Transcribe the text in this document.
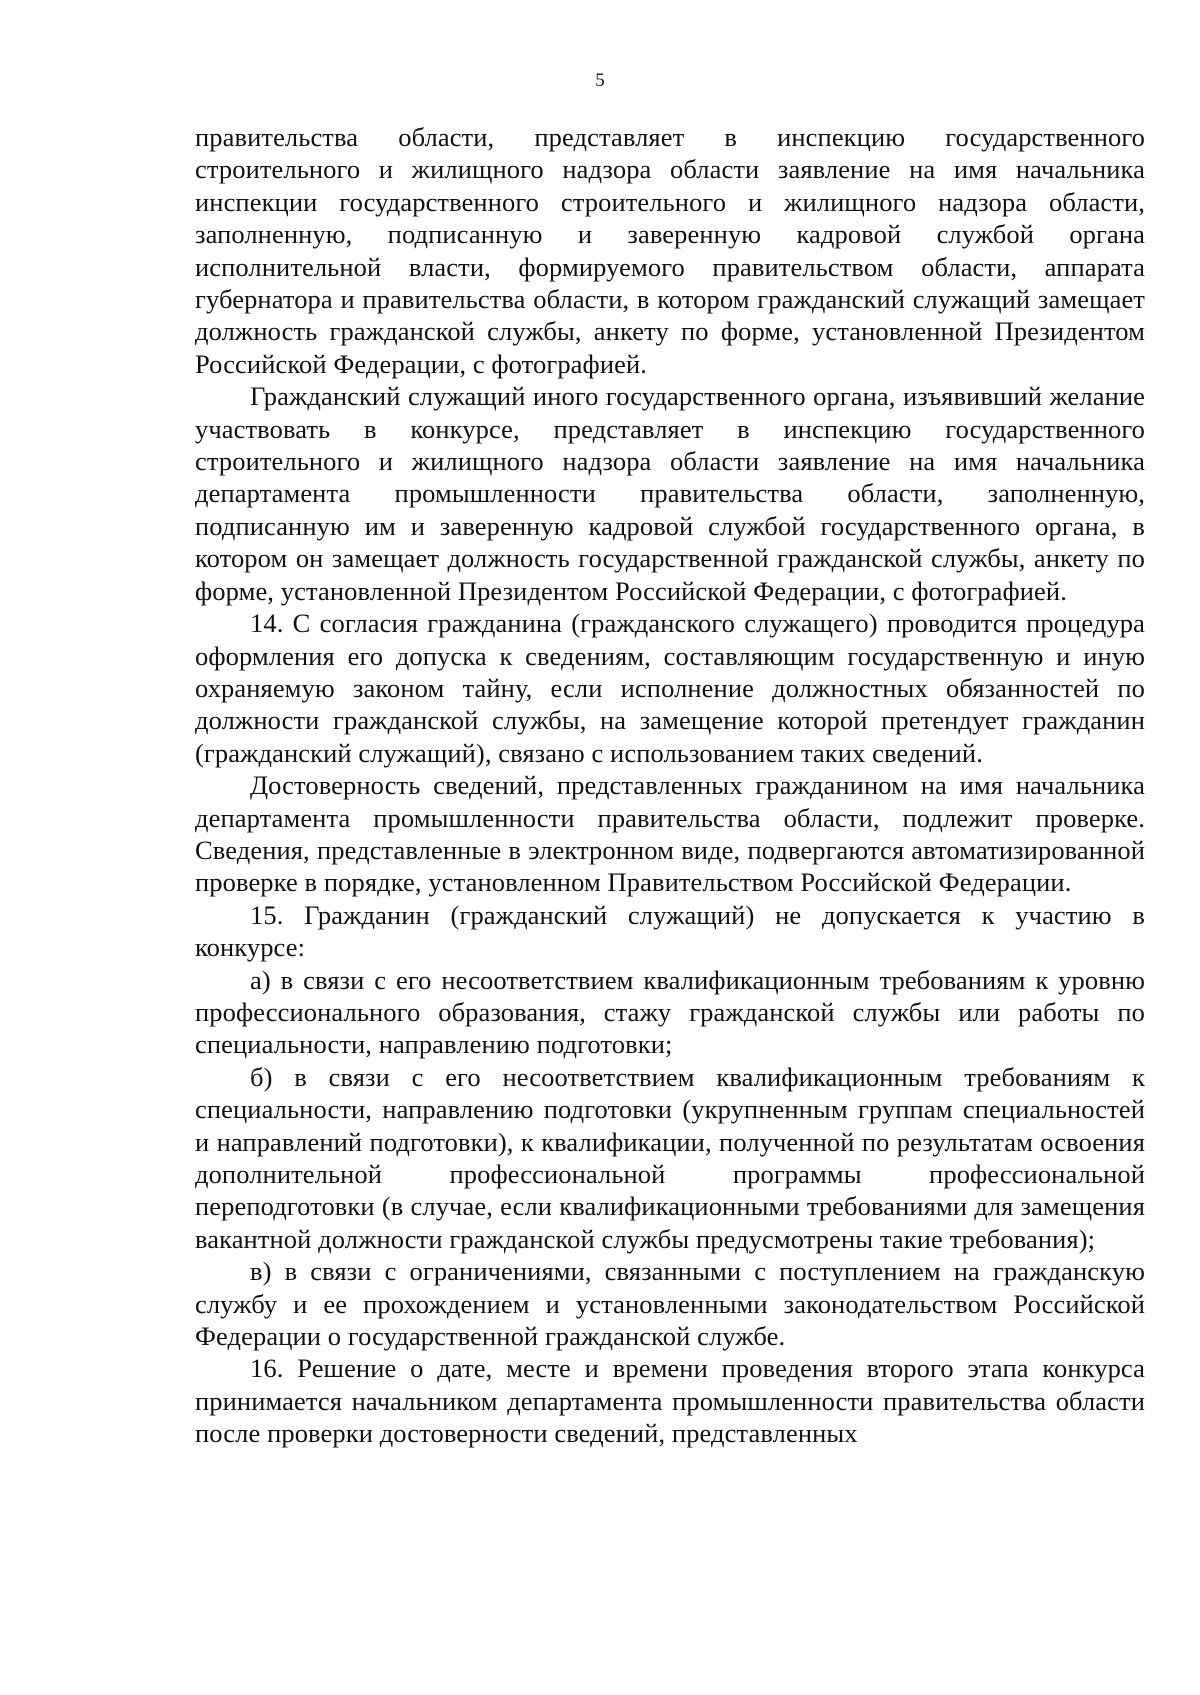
5

правительства области, представляет в инспекцию государственного строительного и жилищного надзора области заявление на имя начальника инспекции государственного строительного и жилищного надзора области, заполненную, подписанную и заверенную кадровой службой органа исполнительной власти, формируемого правительством области, аппарата губернатора и правительства области, в котором гражданский служащий замещает должность гражданской службы, анкету по форме, установленной Президентом Российской Федерации, с фотографией.

Гражданский служащий иного государственного органа, изъявивший желание участвовать в конкурсе, представляет в инспекцию государственного строительного и жилищного надзора области заявление на имя начальника департамента промышленности правительства области, заполненную, подписанную им и заверенную кадровой службой государственного органа, в котором он замещает должность государственной гражданской службы, анкету по форме, установленной Президентом Российской Федерации, с фотографией.

14. С согласия гражданина (гражданского служащего) проводится процедура оформления его допуска к сведениям, составляющим государственную и иную охраняемую законом тайну, если исполнение должностных обязанностей по должности гражданской службы, на замещение которой претендует гражданин (гражданский служащий), связано с использованием таких сведений.

Достоверность сведений, представленных гражданином на имя начальника департамента промышленности правительства области, подлежит проверке. Сведения, представленные в электронном виде, подвергаются автоматизированной проверке в порядке, установленном Правительством Российской Федерации.

15. Гражданин (гражданский служащий) не допускается к участию в конкурсе:

а) в связи с его несоответствием квалификационным требованиям к уровню профессионального образования, стажу гражданской службы или работы по специальности, направлению подготовки;

б) в связи с его несоответствием квалификационным требованиям к специальности, направлению подготовки (укрупненным группам специальностей и направлений подготовки), к квалификации, полученной по результатам освоения дополнительной профессиональной программы профессиональной переподготовки (в случае, если квалификационными требованиями для замещения вакантной должности гражданской службы предусмотрены такие требования);

в) в связи с ограничениями, связанными с поступлением на гражданскую службу и ее прохождением и установленными законодательством Российской Федерации о государственной гражданской службе.

16. Решение о дате, месте и времени проведения второго этапа конкурса принимается начальником департамента промышленности правительства области после проверки достоверности сведений, представленных
